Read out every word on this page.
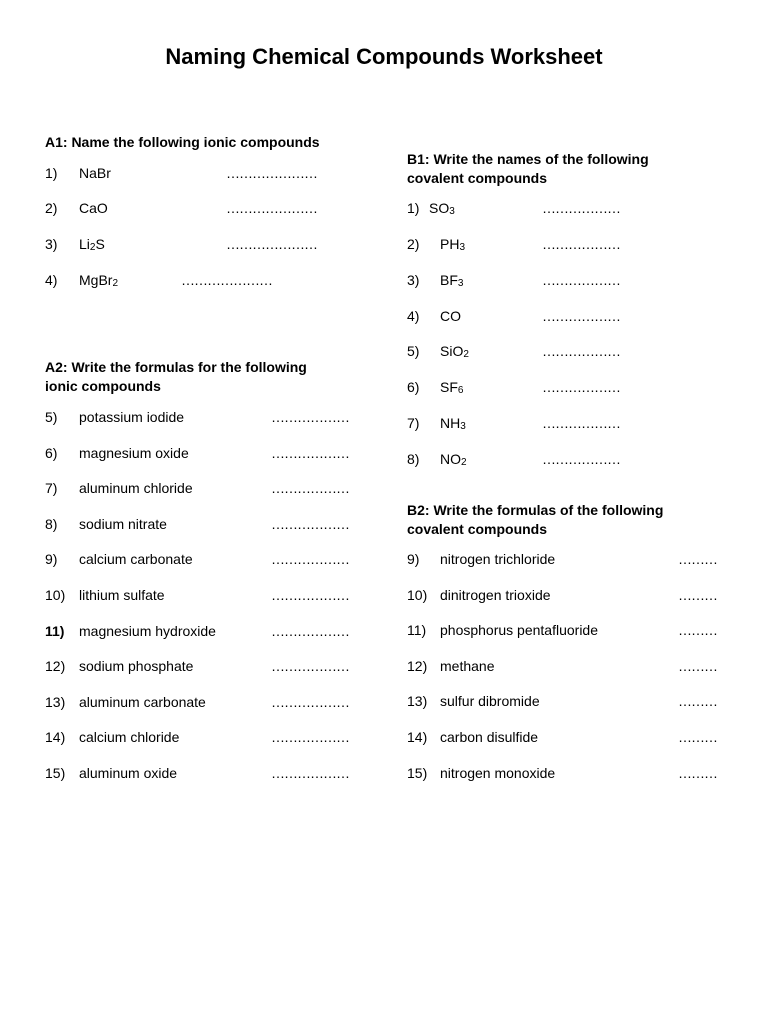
Naming Chemical Compounds Worksheet
A1: Name the following ionic compounds
1) NaBr	…………………
2) CaO	…………………
3) $Li_2S$	…………………
4) MgBr$_2$	…………………
A2: Write the formulas for the following
ionic compounds
5) potassium iodide	………………
6) magnesium oxide	………………
7) aluminum chloride	………………
8) sodium nitrate	………………
9) calcium carbonate	………………
10) lithium sulfate	………………
11) magnesium hydroxide	………………
12) sodium phosphate	………………
13) aluminum carbonate	………………
14) calcium chloride	………………
15) aluminum oxide	………………
B1: Write the names of the following
covalent compounds
1) $SO_3$	………………
2) $PH_3$	………………
3) $BF_3$	………………
4) CO	………………
5) SiO$_2$	………………
6) $SF_6$	………………
7) $NH_3$	………………
8) $NO_2$	………………
B2: Write the formulas of the following
covalent compounds
9) nitrogen trichloride	………
10) dinitrogen trioxide	………
11) phosphorus pentafluoride	………
12) methane	………
13) sulfur dibromide	………
14) carbon disulfide	………
15) nitrogen monoxide	………
